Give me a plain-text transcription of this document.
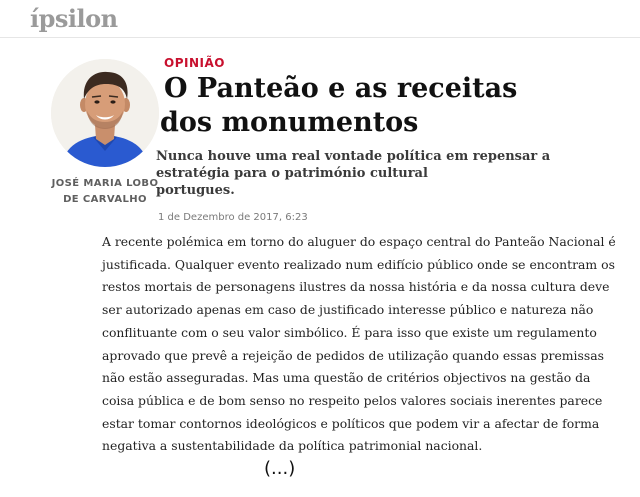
ípsilon
JOSÉ MARIA LOBO
DE CARVALHO
OPINIÃO
O Panteão e as receitas
dos monumentos
Nunca houve uma real vontade política em repensar a
estratégia para o património cultural
portugues.
1 de Dezembro de 2017, 6:23
A recente polémica em torno do aluguer do espaço central do Panteão Nacional é
justificada. Qualquer evento realizado num edifício público onde se encontram os
restos mortais de personagens ilustres da nossa história e da nossa cultura deve
ser autorizado apenas em caso de justificado interesse público e natureza não
conflituante com o seu valor simbólico. É para isso que existe um regulamento
aprovado que prevê a rejeição de pedidos de utilização quando essas premissas
não estão asseguradas. Mas uma questão de critérios objectivos na gestão da
coisa pública e de bom senso no respeito pelos valores sociais inerentes parece
estar tomar contornos ideológicos e políticos que podem vir a afectar de forma
negativa a sustentabilidade da política patrimonial nacional.
(...)
